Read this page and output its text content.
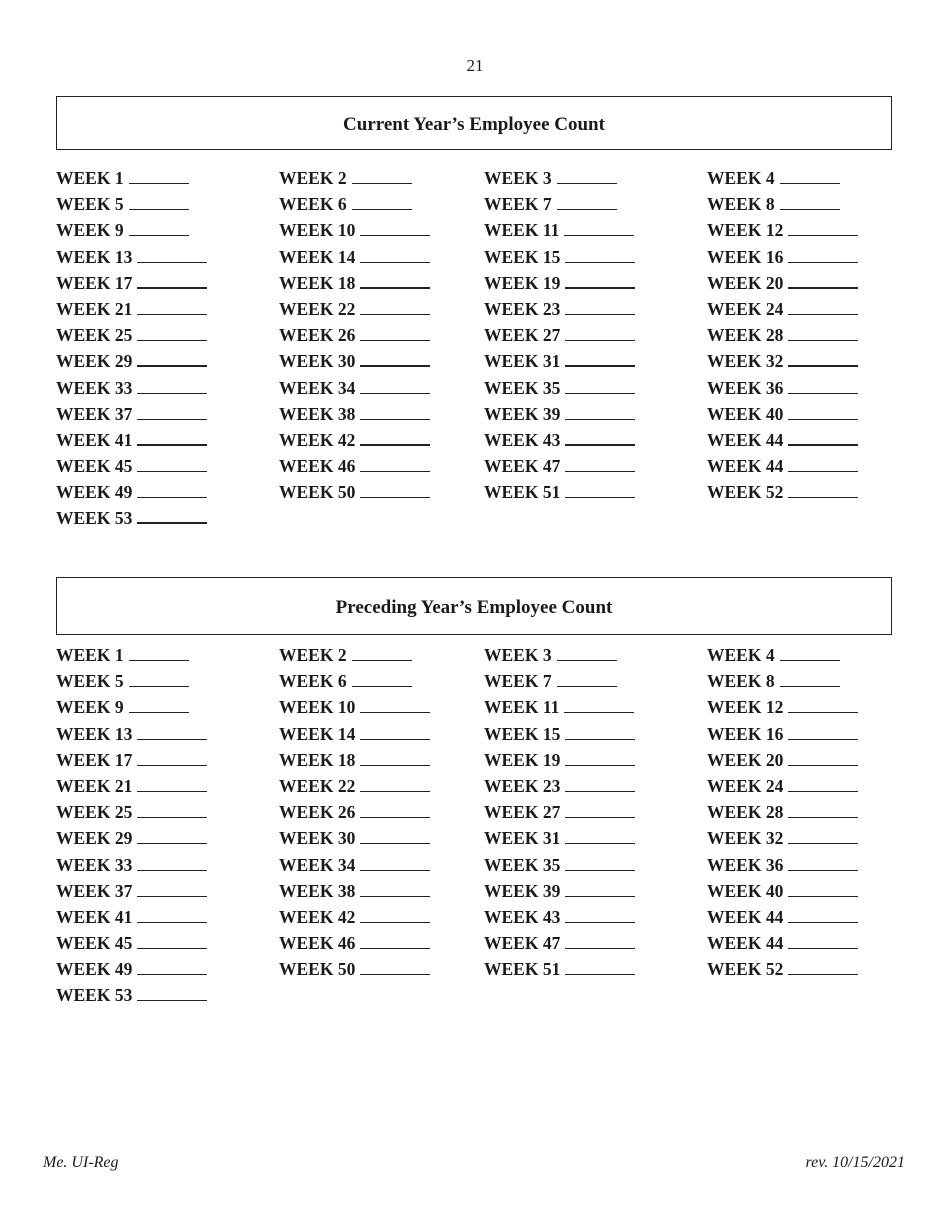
21
Current Year’s Employee Count
WEEK 1	WEEK 2	WEEK 3	WEEK 4
WEEK 5	WEEK 6	WEEK 7	WEEK 8
WEEK 9	WEEK 10	WEEK 11	WEEK 12
WEEK 13	WEEK 14	WEEK 15	WEEK 16
WEEK 17	WEEK 18	WEEK 19	WEEK 20
WEEK 21	WEEK 22	WEEK 23	WEEK 24
WEEK 25	WEEK 26	WEEK 27	WEEK 28
WEEK 29	WEEK 30	WEEK 31	WEEK 32
WEEK 33	WEEK 34	WEEK 35	WEEK 36
WEEK 37	WEEK 38	WEEK 39	WEEK 40
WEEK 41	WEEK 42	WEEK 43	WEEK 44
WEEK 45	WEEK 46	WEEK 47	WEEK 44
WEEK 49	WEEK 50	WEEK 51	WEEK 52
WEEK 53
Preceding Year’s Employee Count
WEEK 1	WEEK 2	WEEK 3	WEEK 4
WEEK 5	WEEK 6	WEEK 7	WEEK 8
WEEK 9	WEEK 10	WEEK 11	WEEK 12
WEEK 13	WEEK 14	WEEK 15	WEEK 16
WEEK 17	WEEK 18	WEEK 19	WEEK 20
WEEK 21	WEEK 22	WEEK 23	WEEK 24
WEEK 25	WEEK 26	WEEK 27	WEEK 28
WEEK 29	WEEK 30	WEEK 31	WEEK 32
WEEK 33	WEEK 34	WEEK 35	WEEK 36
WEEK 37	WEEK 38	WEEK 39	WEEK 40
WEEK 41	WEEK 42	WEEK 43	WEEK 44
WEEK 45	WEEK 46	WEEK 47	WEEK 44
WEEK 49	WEEK 50	WEEK 51	WEEK 52
WEEK 53
Me. UI-Reg	rev. 10/15/2021
